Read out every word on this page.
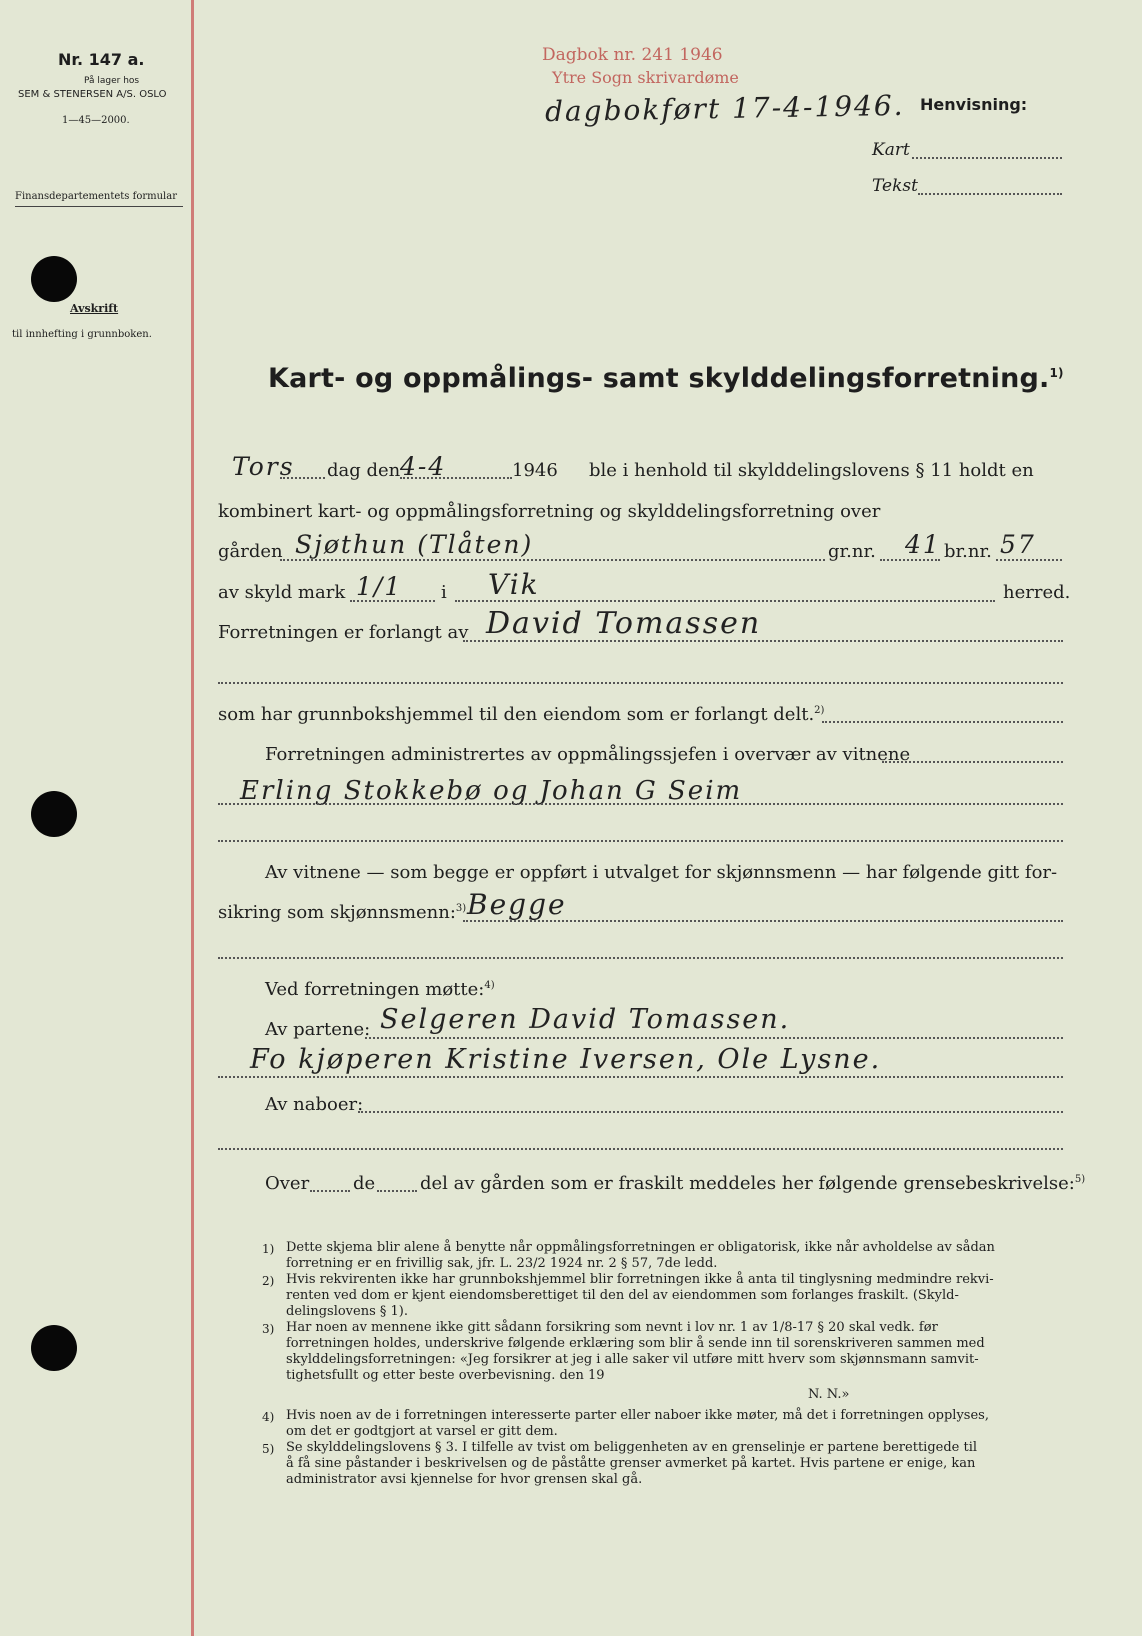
Nr. 147 a.
På lager hos
SEM & STENERSEN A/S. OSLO
1—45—2000.
Finansdepartementets formular
Avskrift
til innhefting i grunnboken.
Dagbok nr. 241 1946
Ytre Sogn skrivardøme
dagbokført 17-4-1946. Henvisning:
Kart
Tekst
Kart- og oppmålings- samt skylddelingsforretning.$^{1)}$
Tors dag den 4-4	1946 ble i henhold til skylddelingslovens § 11 holdt en
kombinert kart- og oppmålingsforretning og skylddelingsforretning over
gården Sjøthun (Tlåten)	gr.nr. 41 br.nr. 57
av skyld mark 1/1 i Vik	herred.
Forretningen er forlangt av David Tomassen
som har grunnbokshjemmel til den eiendom som er forlangt delt.$^{2)}$
Forretningen administrertes av oppmålingssjefen i overvær av vitnene
Erling Stokkebø og Johan G Seim
Av vitnene — som begge er oppført i utvalget for skjønnsmenn — har følgende gitt for-
sikring som skjønnsmenn:$^{3)}$ Begge
Ved forretningen møtte:$^{4)}$
Av partene: Selgeren David Tomassen.
Fo kjøperen Kristine Iversen, Ole Lysne.
Av naboer:
Over de del av gården som er fraskilt meddeles her følgende grensebeskrivelse:$^{5)}$
1) Dette skjema blir alene å benytte når oppmålingsforretningen er obligatorisk, ikke når avholdelse av sådan
forretning er en frivillig sak, jfr. L. 23/2 1924 nr. 2 § 57, 7de ledd.
2) Hvis rekvirenten ikke har grunnbokshjemmel blir forretningen ikke å anta til tinglysning medmindre rekvi-
renten ved dom er kjent eiendomsberettiget til den del av eiendommen som forlanges fraskilt. (Skyld-
delingslovens § 1).
3) Har noen av mennene ikke gitt sådann forsikring som nevnt i lov nr. 1 av 1/8-17 § 20 skal vedk. før
forretningen holdes, underskrive følgende erklæring som blir å sende inn til sorenskriveren sammen med
skylddelingsforretningen: «Jeg forsikrer at jeg i alle saker vil utføre mitt hverv som skjønnsmann samvit-
tighetsfullt og etter beste overbevisning. den 19
N. N.»
4) Hvis noen av de i forretningen interesserte parter eller naboer ikke møter, må det i forretningen opplyses,
om det er godtgjort at varsel er gitt dem.
5) Se skylddelingslovens § 3. I tilfelle av tvist om beliggenheten av en grenselinje er partene berettigede til
å få sine påstander i beskrivelsen og de påståtte grenser avmerket på kartet. Hvis partene er enige, kan
administrator avsi kjennelse for hvor grensen skal gå.
